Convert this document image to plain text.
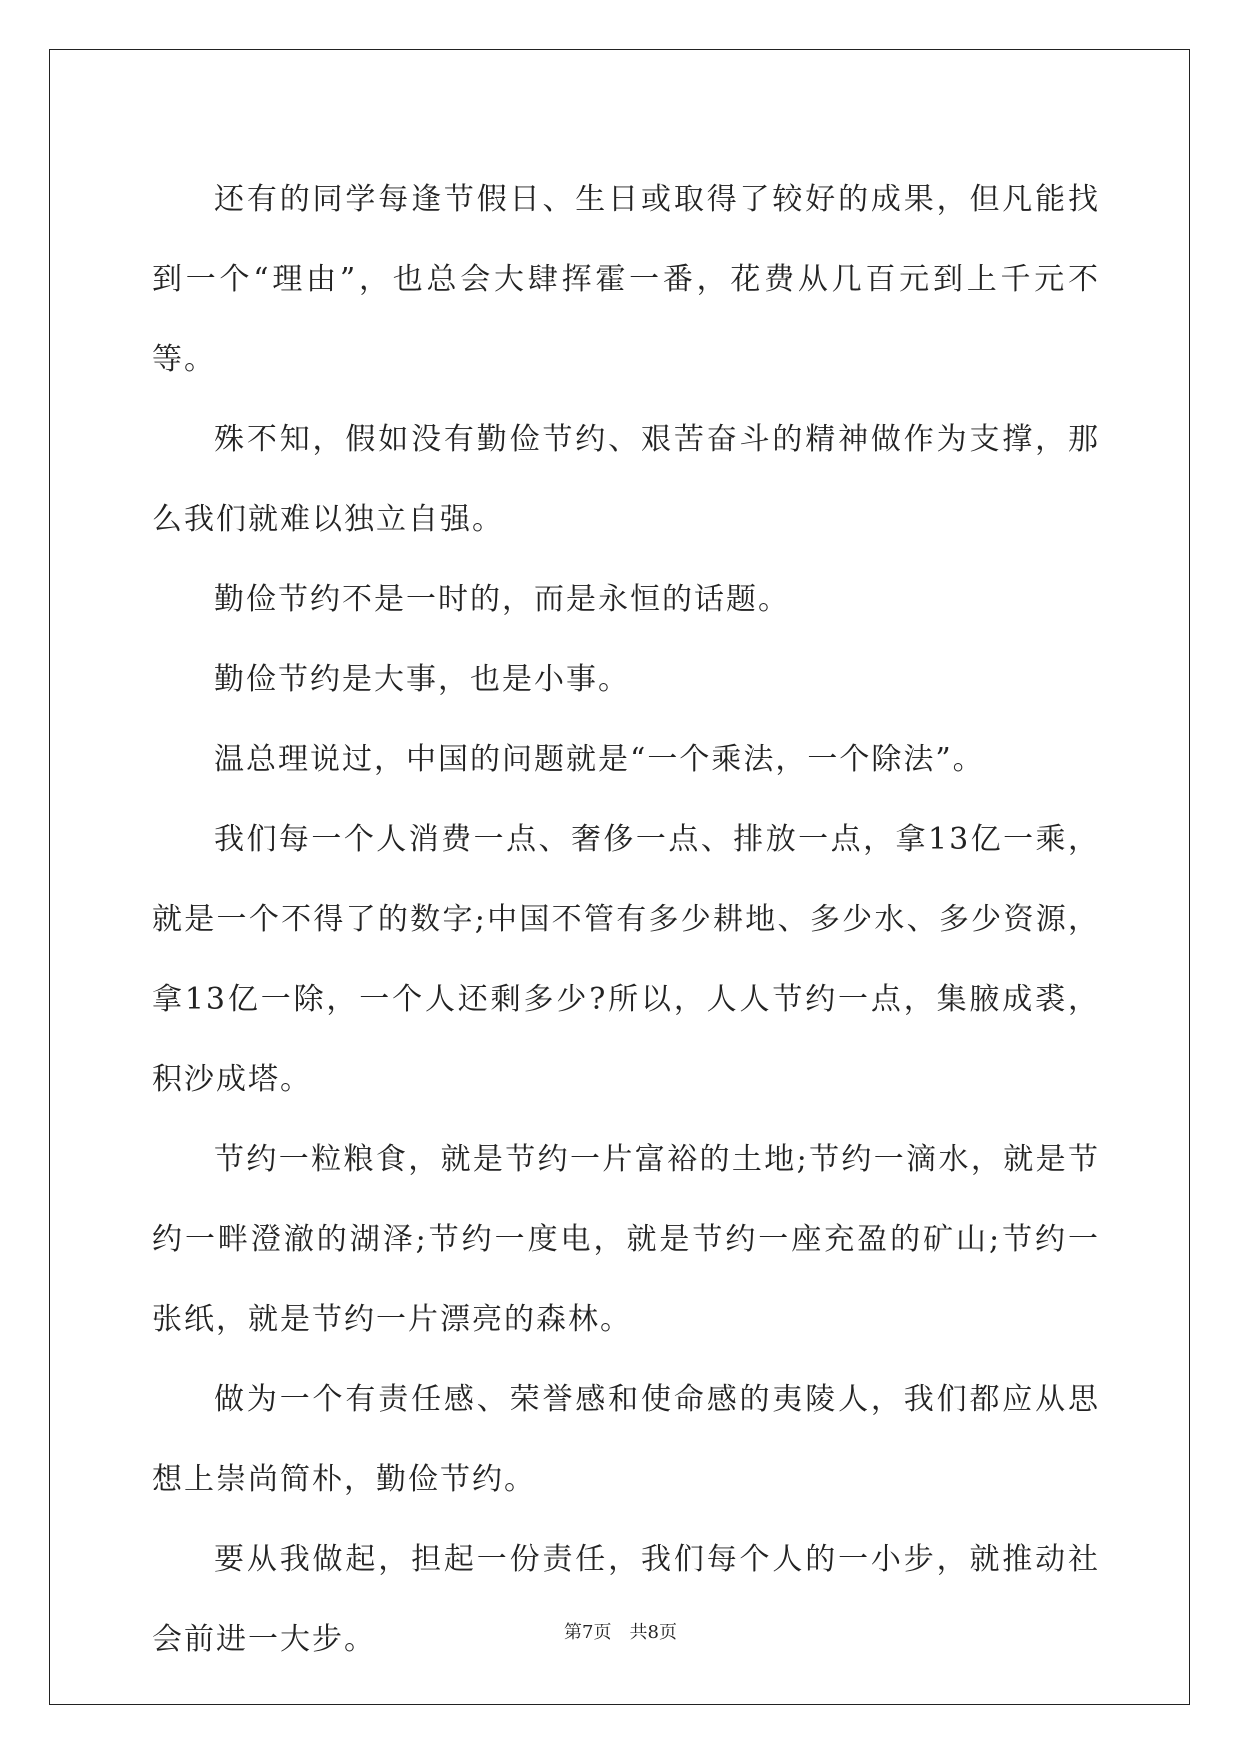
还有的同学每逢节假日、生日或取得了较好的成果，但凡能找到一个“理由”，也总会大肆挥霍一番，花费从几百元到上千元不等。

殊不知，假如没有勤俭节约、艰苦奋斗的精神做作为支撑，那么我们就难以独立自强。

勤俭节约不是一时的，而是永恒的话题。

勤俭节约是大事，也是小事。

温总理说过，中国的问题就是“一个乘法，一个除法”。

我们每一个人消费一点、奢侈一点、排放一点，拿13亿一乘，就是一个不得了的数字;中国不管有多少耕地、多少水、多少资源，拿13亿一除，一个人还剩多少?所以，人人节约一点，集腋成裘，积沙成塔。

节约一粒粮食，就是节约一片富裕的土地;节约一滴水，就是节约一畔澄澈的湖泽;节约一度电，就是节约一座充盈的矿山;节约一张纸，就是节约一片漂亮的森林。

做为一个有责任感、荣誉感和使命感的夷陵人，我们都应从思想上崇尚简朴，勤俭节约。

要从我做起，担起一份责任，我们每个人的一小步，就推动社会前进一大步。	第7页 共8页
